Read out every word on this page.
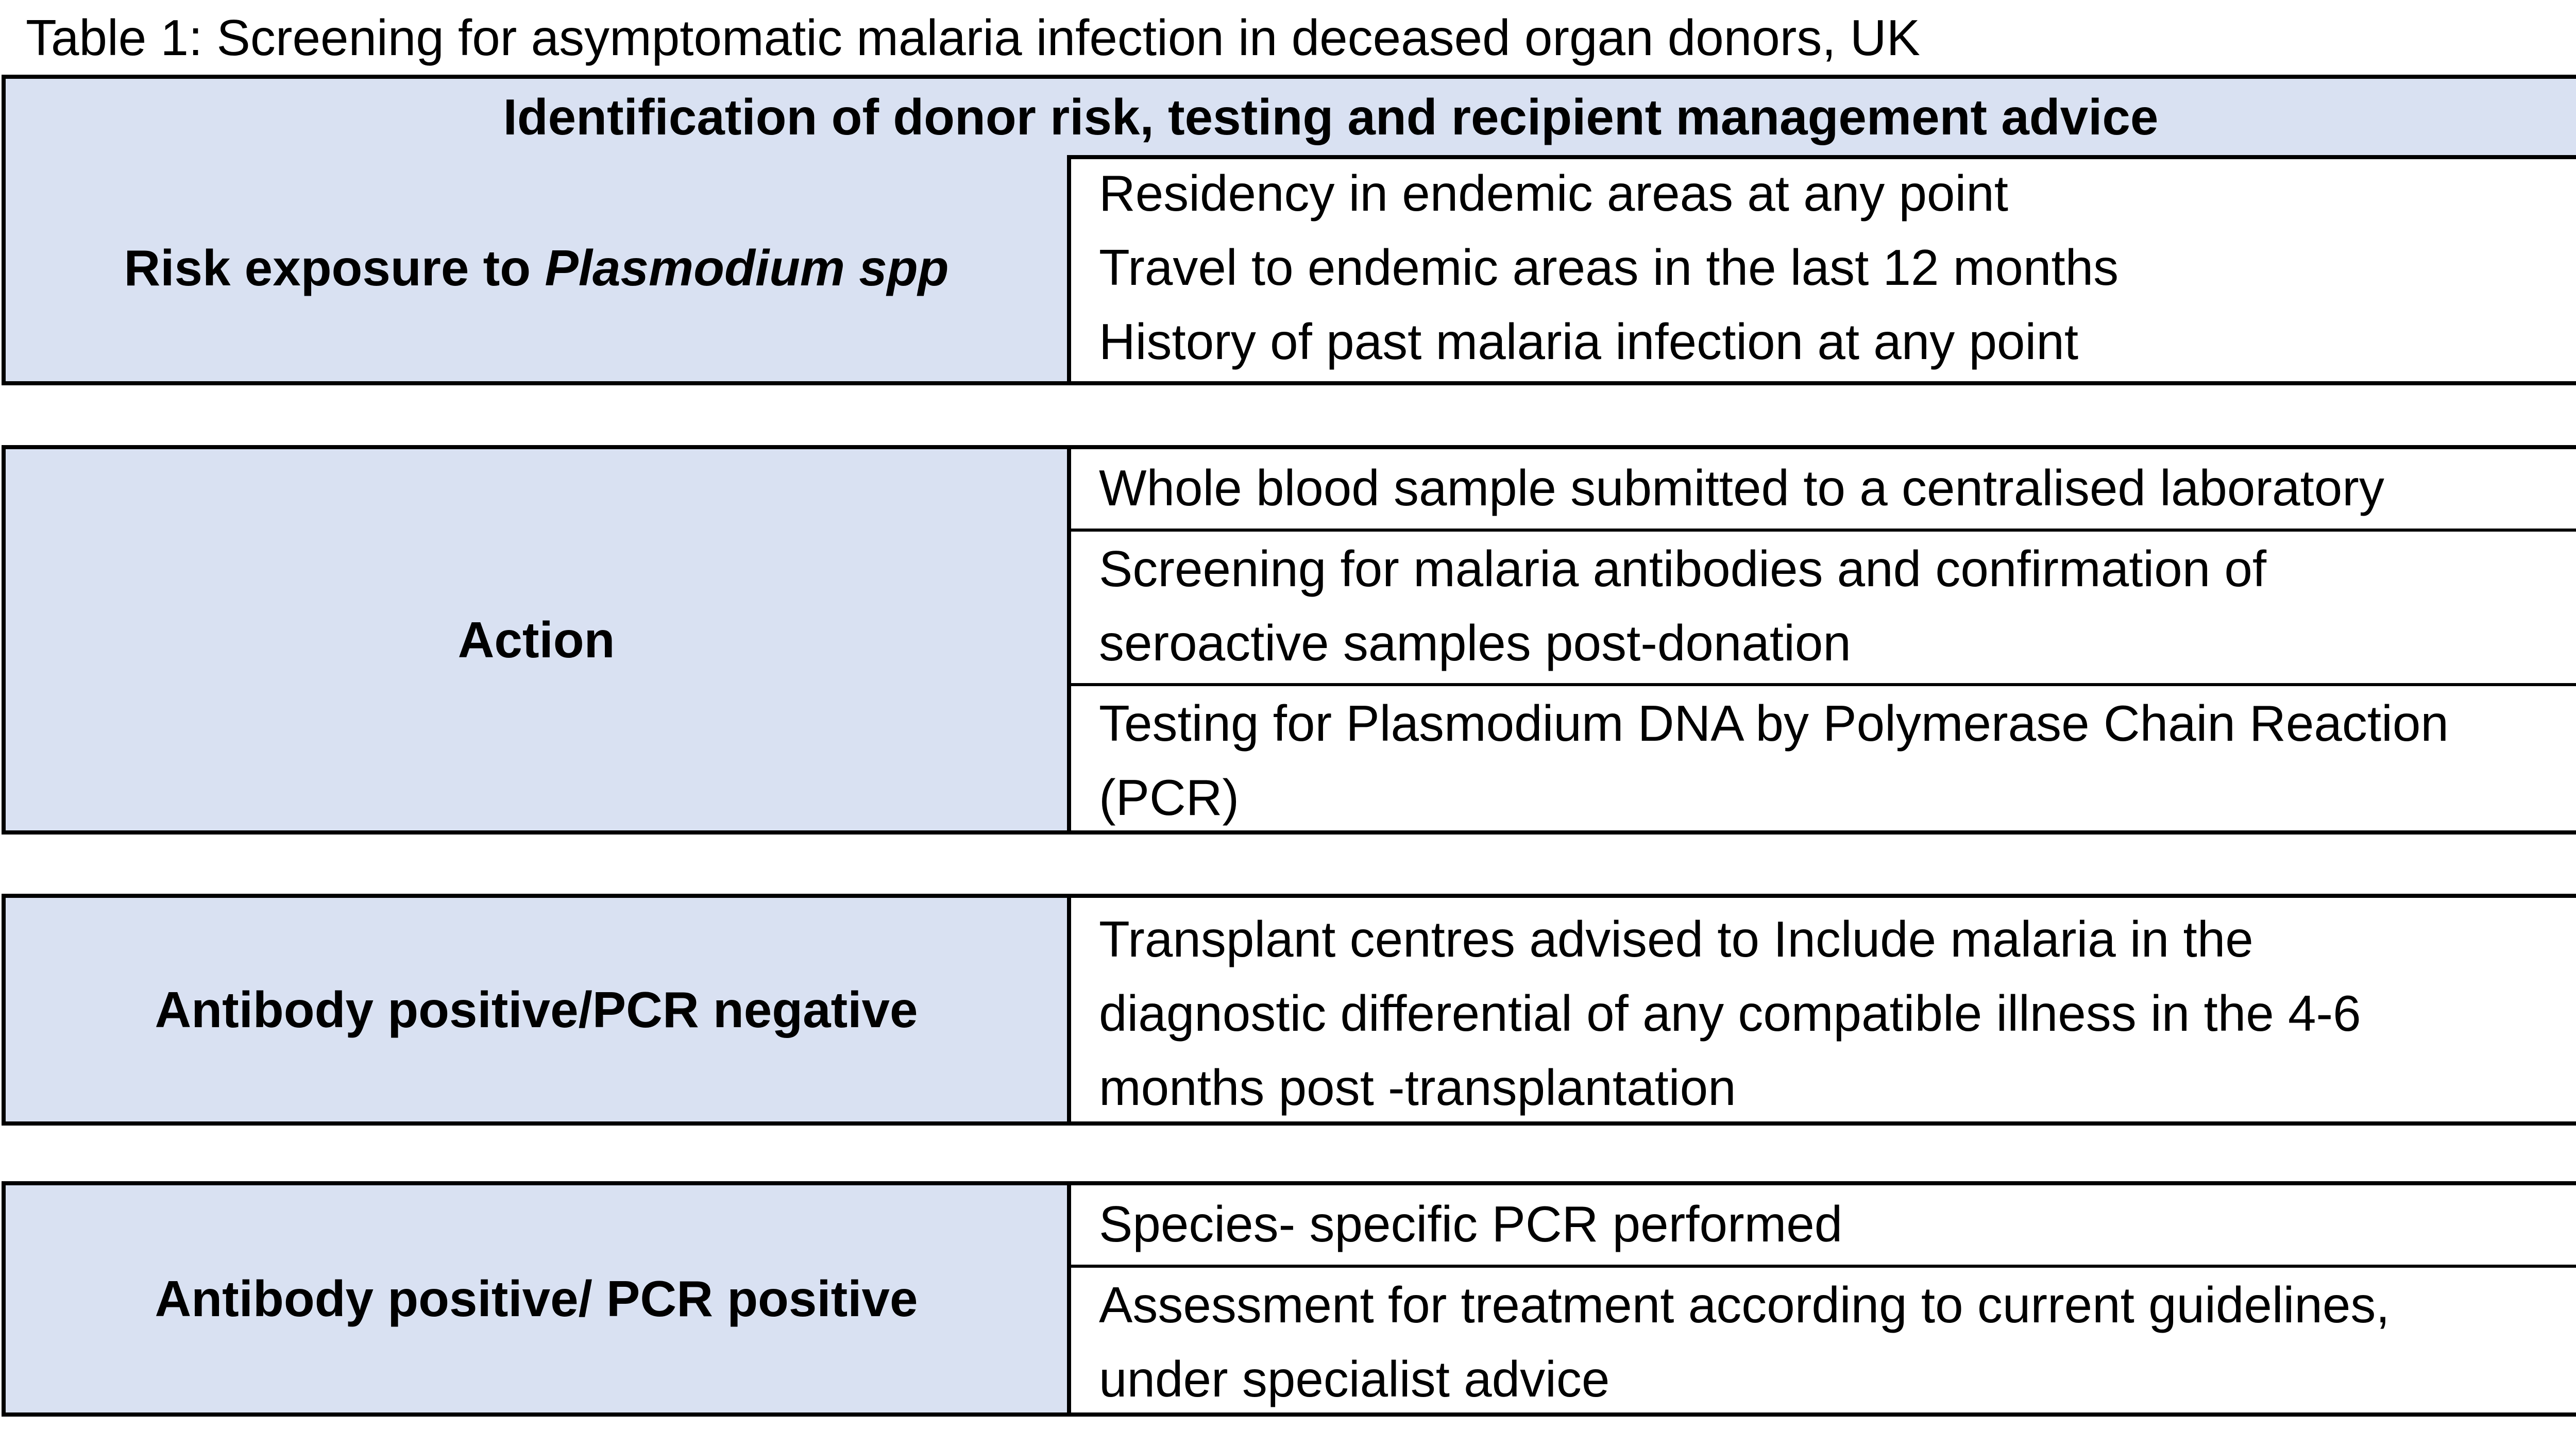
Table 1: Screening for asymptomatic malaria infection in deceased organ donors, UK
Identification of donor risk, testing and recipient management advice
Risk exposure to Plasmodium spp
Residency in endemic areas at any point
Travel to endemic areas in the last 12 months
History of past malaria infection at any point
Action
Whole blood sample submitted to a centralised laboratory
Screening for malaria antibodies and confirmation of
seroactive samples post-donation
Testing for Plasmodium DNA by Polymerase Chain Reaction
(PCR)
Antibody positive/PCR negative
Transplant centres advised to Include malaria in the
diagnostic differential of any compatible illness in the 4-6
months post -transplantation
Antibody positive/ PCR positive
Species- specific PCR performed
Assessment for treatment according to current guidelines,
under specialist advice
